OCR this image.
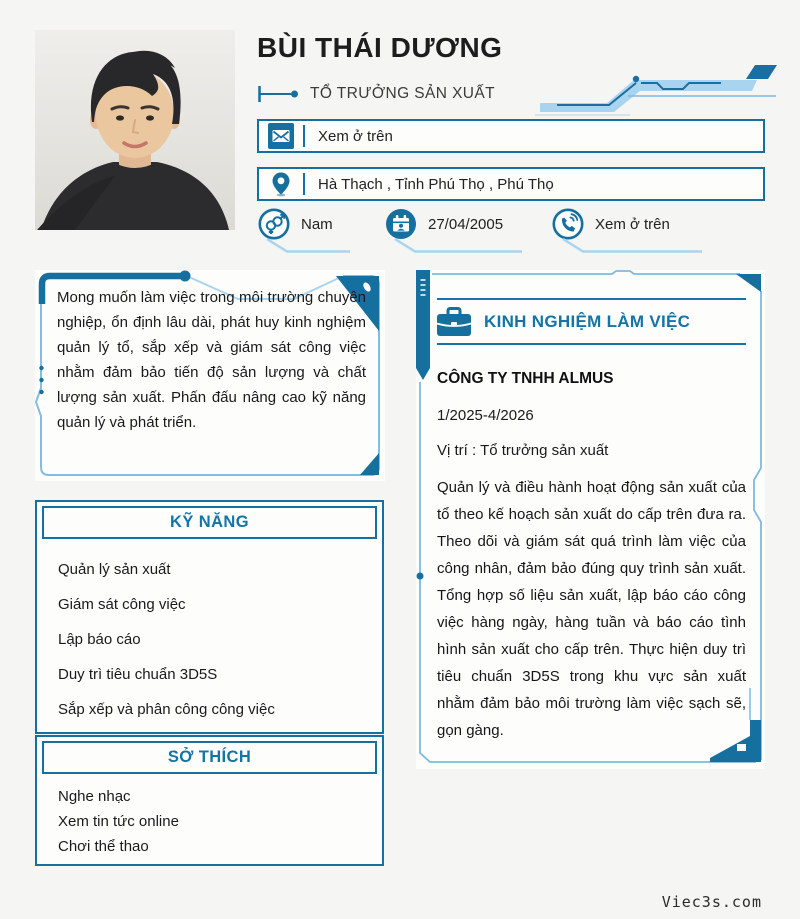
BÙI THÁI DƯƠNG
TỔ TRƯỞNG SẢN XUẤT
Xem ở trên
Hà Thạch , Tỉnh Phú Thọ , Phú Thọ
Nam	27/04/2005	Xem ở trên
Mong muốn làm việc trong môi trường chuyên nghiệp, ổn định lâu dài, phát huy kinh nghiệm quản lý tổ, sắp xếp và giám sát công việc nhằm đảm bảo tiến độ sản lượng và chất lượng sản xuất. Phấn đấu nâng cao kỹ năng quản lý và phát triển.
KỸ NĂNG
Quản lý sản xuất
Giám sát công việc
Lập báo cáo
Duy trì tiêu chuẩn 3D5S
Sắp xếp và phân công công việc
SỞ THÍCH
Nghe nhạc
Xem tin tức online
Chơi thể thao
KINH NGHIỆM LÀM VIỆC
CÔNG TY TNHH ALMUS
1/2025-4/2026
Vị trí : Tổ trưởng sản xuất
Quản lý và điều hành hoạt động sản xuất của tổ theo kế hoạch sản xuất do cấp trên đưa ra. Theo dõi và giám sát quá trình làm việc của công nhân, đảm bảo đúng quy trình sản xuất. Tổng hợp số liệu sản xuất, lập báo cáo công việc hàng ngày, hàng tuần và báo cáo tình hình sản xuất cho cấp trên. Thực hiện duy trì tiêu chuẩn 3D5S trong khu vực sản xuất nhằm đảm bảo môi trường làm việc sạch sẽ, gọn gàng.
Viec3s.com
